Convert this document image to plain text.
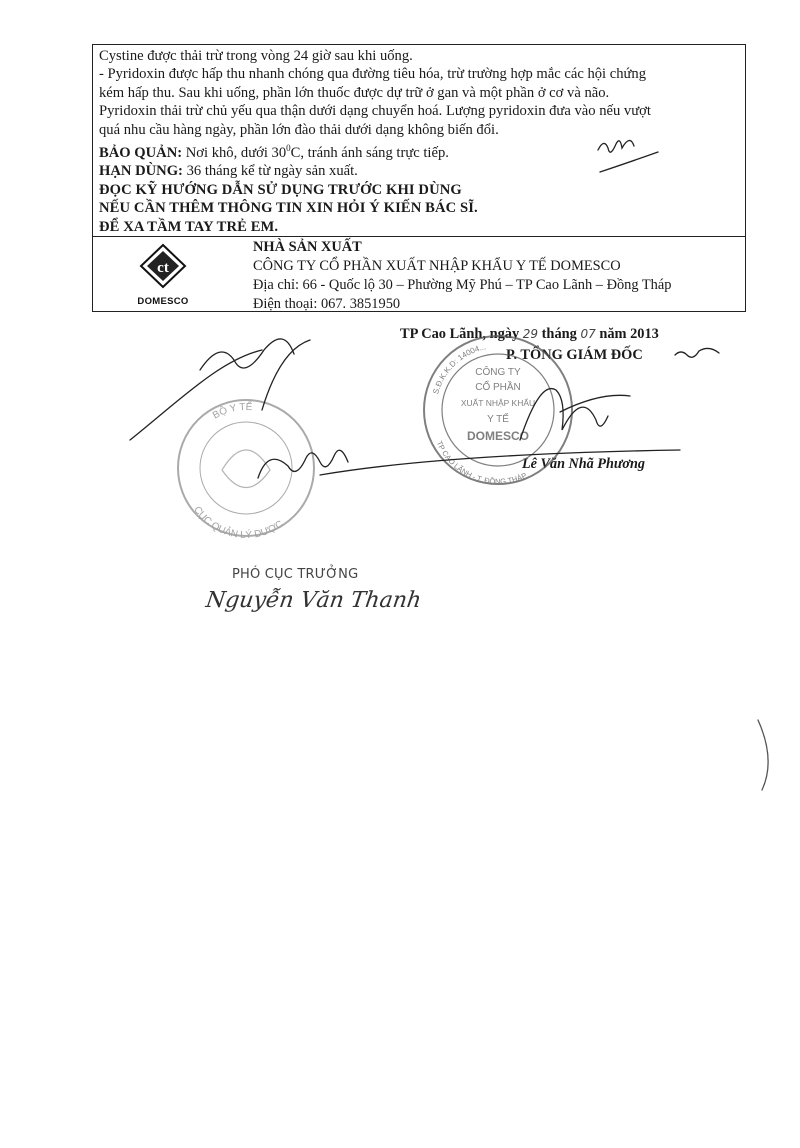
Cystine được thải trừ trong vòng 24 giờ sau khi uống.

- Pyridoxin được hấp thu nhanh chóng qua đường tiêu hóa, trừ trường hợp mắc các hội chứng

kém hấp thu. Sau khi uống, phần lớn thuốc được dự trữ ở gan và một phần ở cơ và não.

Pyridoxin thải trừ chủ yếu qua thận dưới dạng chuyển hoá. Lượng pyridoxin đưa vào nếu vượt

quá nhu cầu hàng ngày, phần lớn đào thải dưới dạng không biến đổi.

BẢO QUẢN: Nơi khô, dưới $30^0C$, tránh ánh sáng trực tiếp.

HẠN DÙNG: 36 tháng kể từ ngày sản xuất.

ĐỌC KỸ HƯỚNG DẪN SỬ DỤNG TRƯỚC KHI DÙNG

NẾU CẦN THÊM THÔNG TIN XIN HỎI Ý KIẾN BÁC SĨ.

ĐỂ XA TẦM TAY TRẺ EM.

ct
DOMESCO

NHÀ SẢN XUẤT

CÔNG TY CỔ PHẦN XUẤT NHẬP KHẨU Y TẾ DOMESCO

Địa chỉ: 66 - Quốc lộ 30 – Phường Mỹ Phú – TP Cao Lãnh – Đồng Tháp

Điện thoại: 067. 3851950

TP Cao Lãnh, ngày 29 tháng 07 năm 2013
P. TỔNG GIÁM ĐỐC
Lê Văn Nhã Phương
CÔNG TY
CỔ PHẦN
XUẤT NHẬP KHẨU
Y TẾ
DOMESCO
S.Đ.K.K.D: 14004...
TP CAO LÃNH - T. ĐỒNG THÁP
BỘ Y TẾ
CỤC QUẢN LÝ DƯỢC
PHÓ CỤC TRƯỞNG
Nguyễn Văn Thanh
